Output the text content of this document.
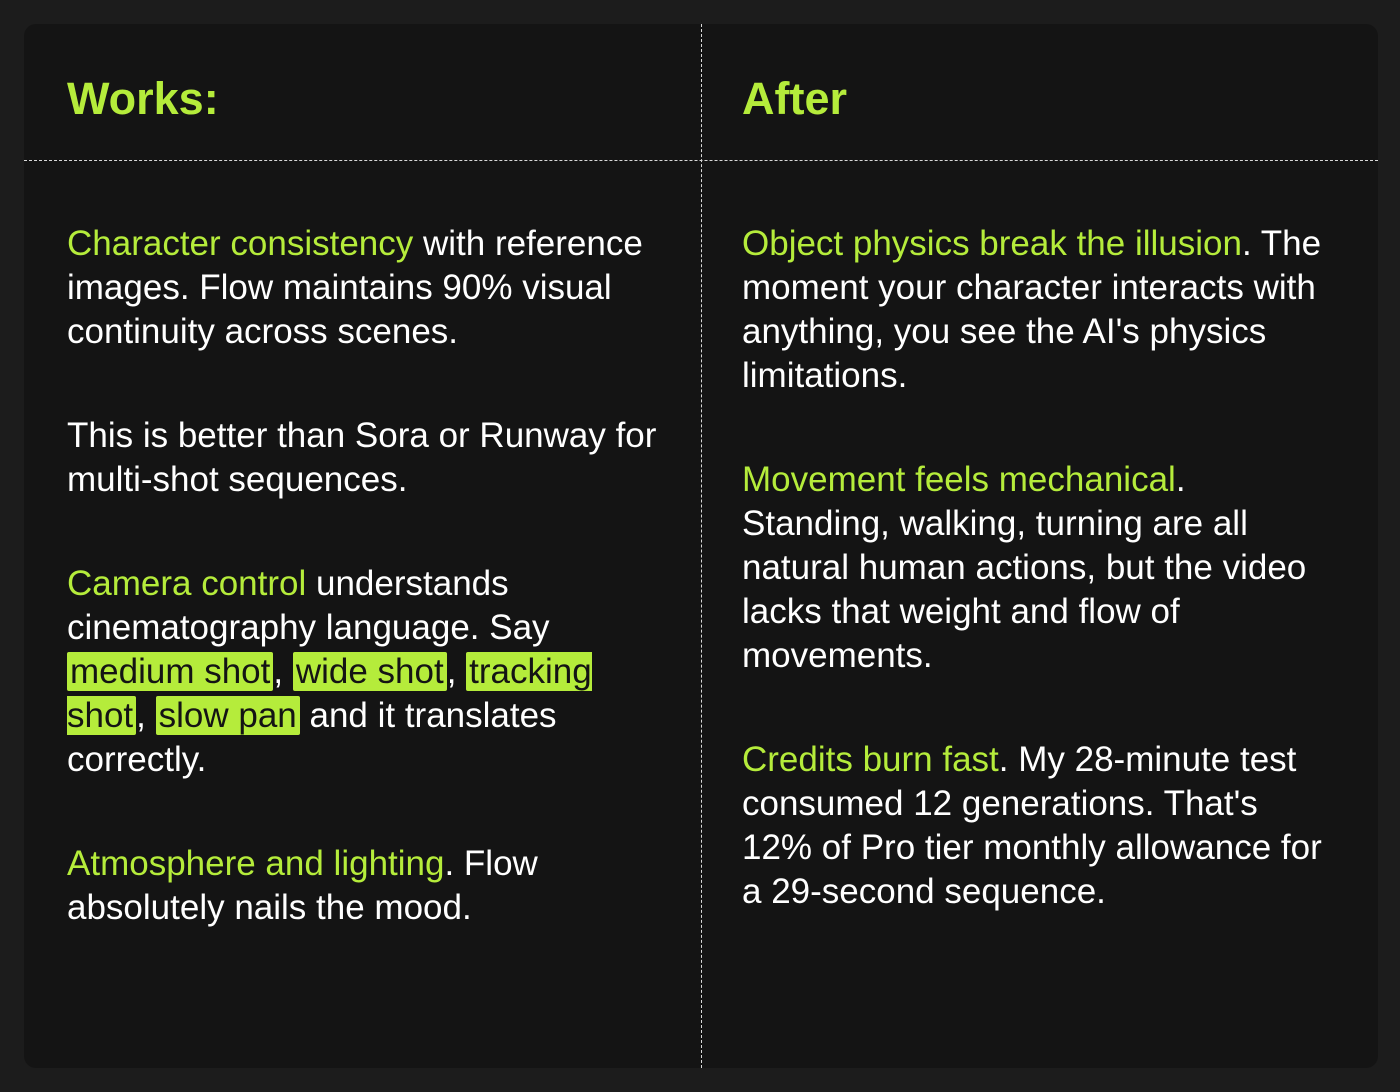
Works:	After

Character consistency with reference images. Flow maintains 90% visual continuity across scenes.

This is better than Sora or Runway for multi-shot sequences.

Camera control understands cinematography language. Say medium shot, wide shot, tracking shot, slow pan and it translates correctly.

Atmosphere and lighting. Flow absolutely nails the mood.

Object physics break the illusion. The moment your character interacts with anything, you see the AI's physics limitations.

Movement feels mechanical. Standing, walking, turning are all natural human actions, but the video lacks that weight and flow of movements.

Credits burn fast. My 28-minute test consumed 12 generations. That's 12% of Pro tier monthly allowance for a 29-second sequence.
